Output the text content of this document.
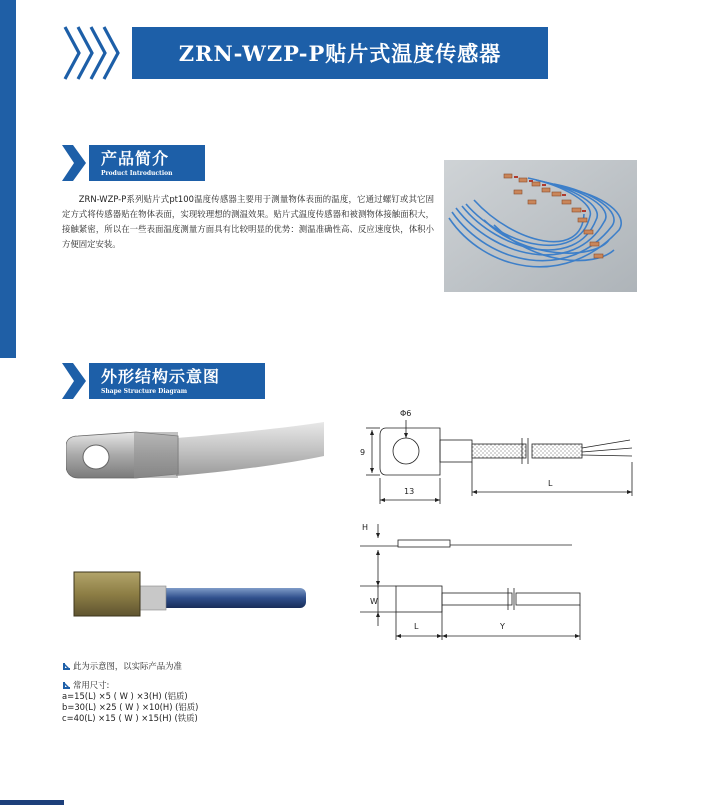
ZRN-WZP-P贴片式温度传感器
产品简介
Product Introduction
ZRN-WZP-P系列贴片式pt100温度传感器主要用于测量物体表面的温度，它通过螺钉或其它固定方式将传感器贴在物体表面，实现较理想的测温效果。贴片式温度传感器和被测物体接触面积大，接触紧密，所以在一些表面温度测量方面具有比较明显的优势：测温准确性高、反应速度快，体积小方便固定安装。
外形结构示意图
Shape Structure Diagram
Φ6
9
13
L
H
W
L	Y
此为示意图，以实际产品为准
常用尺寸:
a=15(L) ×5 ( W ) ×3(H) (铝质)
b=30(L) ×25 ( W ) ×10(H) (铝质)
c=40(L) ×15 ( W ) ×15(H) (铁质)
